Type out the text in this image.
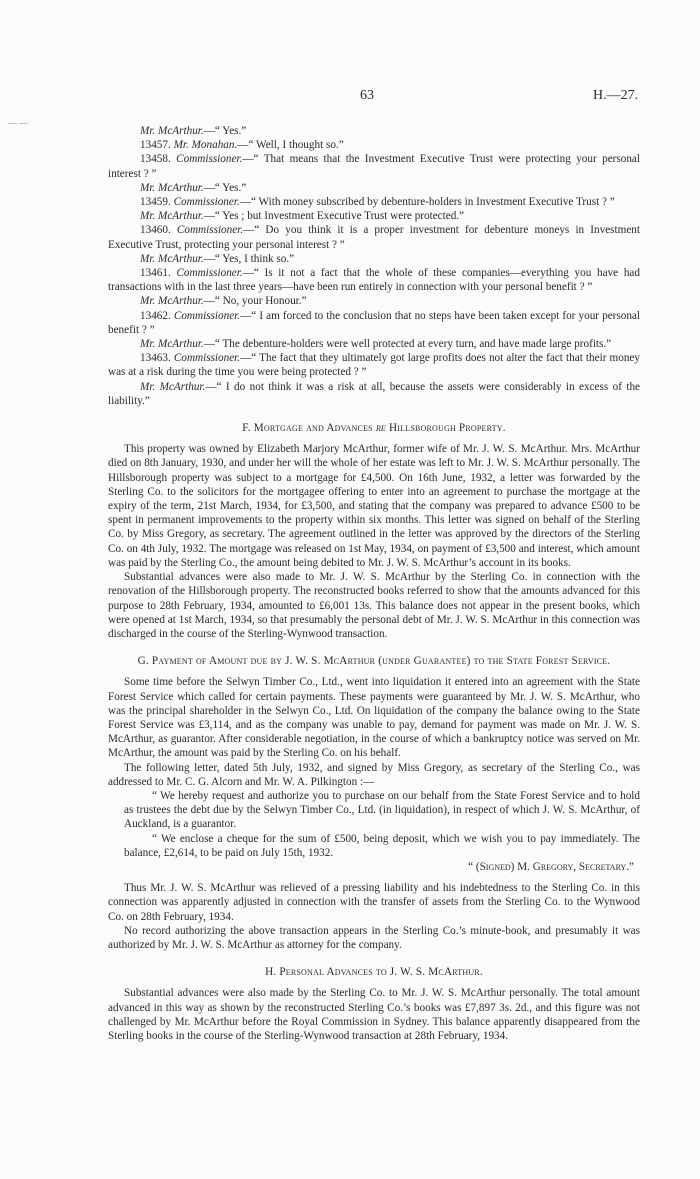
63	H.—27.
— —

Mr. McArthur.—“ Yes.”

13457. Mr. Monahan.—“ Well, I thought so.”

13458. Commissioner.—“ That means that the Investment Executive Trust were protecting your personal interest ? ”

Mr. McArthur.—“ Yes.”

13459. Commissioner.—“ With money subscribed by debenture-holders in Investment Executive Trust ? ”

Mr. McArthur.—“ Yes ; but Investment Executive Trust were protected.”

13460. Commissioner.—“ Do you think it is a proper investment for debenture moneys in Investment Executive Trust, protecting your personal interest ? ”

Mr. McArthur.—“ Yes, I think so.”

13461. Commissioner.—“ Is it not a fact that the whole of these companies—everything you have had transactions with in the last three years—have been run entirely in connection with your personal benefit ? ”

Mr. McArthur.—“ No, your Honour.”

13462. Commissioner.—“ I am forced to the conclusion that no steps have been taken except for your personal benefit ? ”

Mr. McArthur.—“ The debenture-holders were well protected at every turn, and have made large profits.”

13463. Commissioner.—“ The fact that they ultimately got large profits does not alter the fact that their money was at a risk during the time you were being protected ? ”

Mr. McArthur.—“ I do not think it was a risk at all, because the assets were considerably in excess of the liability.”

F. Mortgage and Advances re Hillsborough Property.

This property was owned by Elizabeth Marjory McArthur, former wife of Mr. J. W. S. McArthur. Mrs. McArthur died on 8th January, 1930, and under her will the whole of her estate was left to Mr. J. W. S. McArthur personally. The Hillsborough property was subject to a mortgage for £4,500. On 16th June, 1932, a letter was forwarded by the Sterling Co. to the solicitors for the mortgagee offering to enter into an agreement to purchase the mortgage at the expiry of the term, 21st March, 1934, for £3,500, and stating that the company was prepared to advance £500 to be spent in permanent improvements to the property within six months. This letter was signed on behalf of the Sterling Co. by Miss Gregory, as secretary. The agreement outlined in the letter was approved by the directors of the Sterling Co. on 4th July, 1932. The mortgage was released on 1st May, 1934, on payment of £3,500 and interest, which amount was paid by the Sterling Co., the amount being debited to Mr. J. W. S. McArthur’s account in its books.

Substantial advances were also made to Mr. J. W. S. McArthur by the Sterling Co. in connection with the renovation of the Hillsborough property. The reconstructed books referred to show that the amounts advanced for this purpose to 28th February, 1934, amounted to £6,001 13s. This balance does not appear in the present books, which were opened at 1st March, 1934, so that presumably the personal debt of Mr. J. W. S. McArthur in this connection was discharged in the course of the Sterling-Wynwood transaction.

G. Payment of Amount due by J. W. S. McArthur (under Guarantee) to the State Forest Service.

Some time before the Selwyn Timber Co., Ltd., went into liquidation it entered into an agreement with the State Forest Service which called for certain payments. These payments were guaranteed by Mr. J. W. S. McArthur, who was the principal shareholder in the Selwyn Co., Ltd. On liquidation of the company the balance owing to the State Forest Service was £3,114, and as the company was unable to pay, demand for payment was made on Mr. J. W. S. McArthur, as guarantor. After considerable negotiation, in the course of which a bankruptcy notice was served on Mr. McArthur, the amount was paid by the Sterling Co. on his behalf.

The following letter, dated 5th July, 1932, and signed by Miss Gregory, as secretary of the Sterling Co., was addressed to Mr. C. G. Alcorn and Mr. W. A. Pilkington :—

“ We hereby request and authorize you to purchase on our behalf from the State Forest Service and to hold as trustees the debt due by the Selwyn Timber Co., Ltd. (in liquidation), in respect of which J. W. S. McArthur, of Auckland, is a guarantor.

“ We enclose a cheque for the sum of £500, being deposit, which we wish you to pay immediately. The balance, £2,614, to be paid on July 15th, 1932.

“ (Signed) M. Gregory, Secretary.”

Thus Mr. J. W. S. McArthur was relieved of a pressing liability and his indebtedness to the Sterling Co. in this connection was apparently adjusted in connection with the transfer of assets from the Sterling Co. to the Wynwood Co. on 28th February, 1934.

No record authorizing the above transaction appears in the Sterling Co.’s minute-book, and presumably it was authorized by Mr. J. W. S. McArthur as attorney for the company.

H. Personal Advances to J. W. S. McArthur.

Substantial advances were also made by the Sterling Co. to Mr. J. W. S. McArthur personally. The total amount advanced in this way as shown by the reconstructed Sterling Co.’s books was £7,897 3s. 2d., and this figure was not challenged by Mr. McArthur before the Royal Commission in Sydney. This balance apparently disappeared from the Sterling books in the course of the Sterling-Wynwood transaction at 28th February, 1934.
